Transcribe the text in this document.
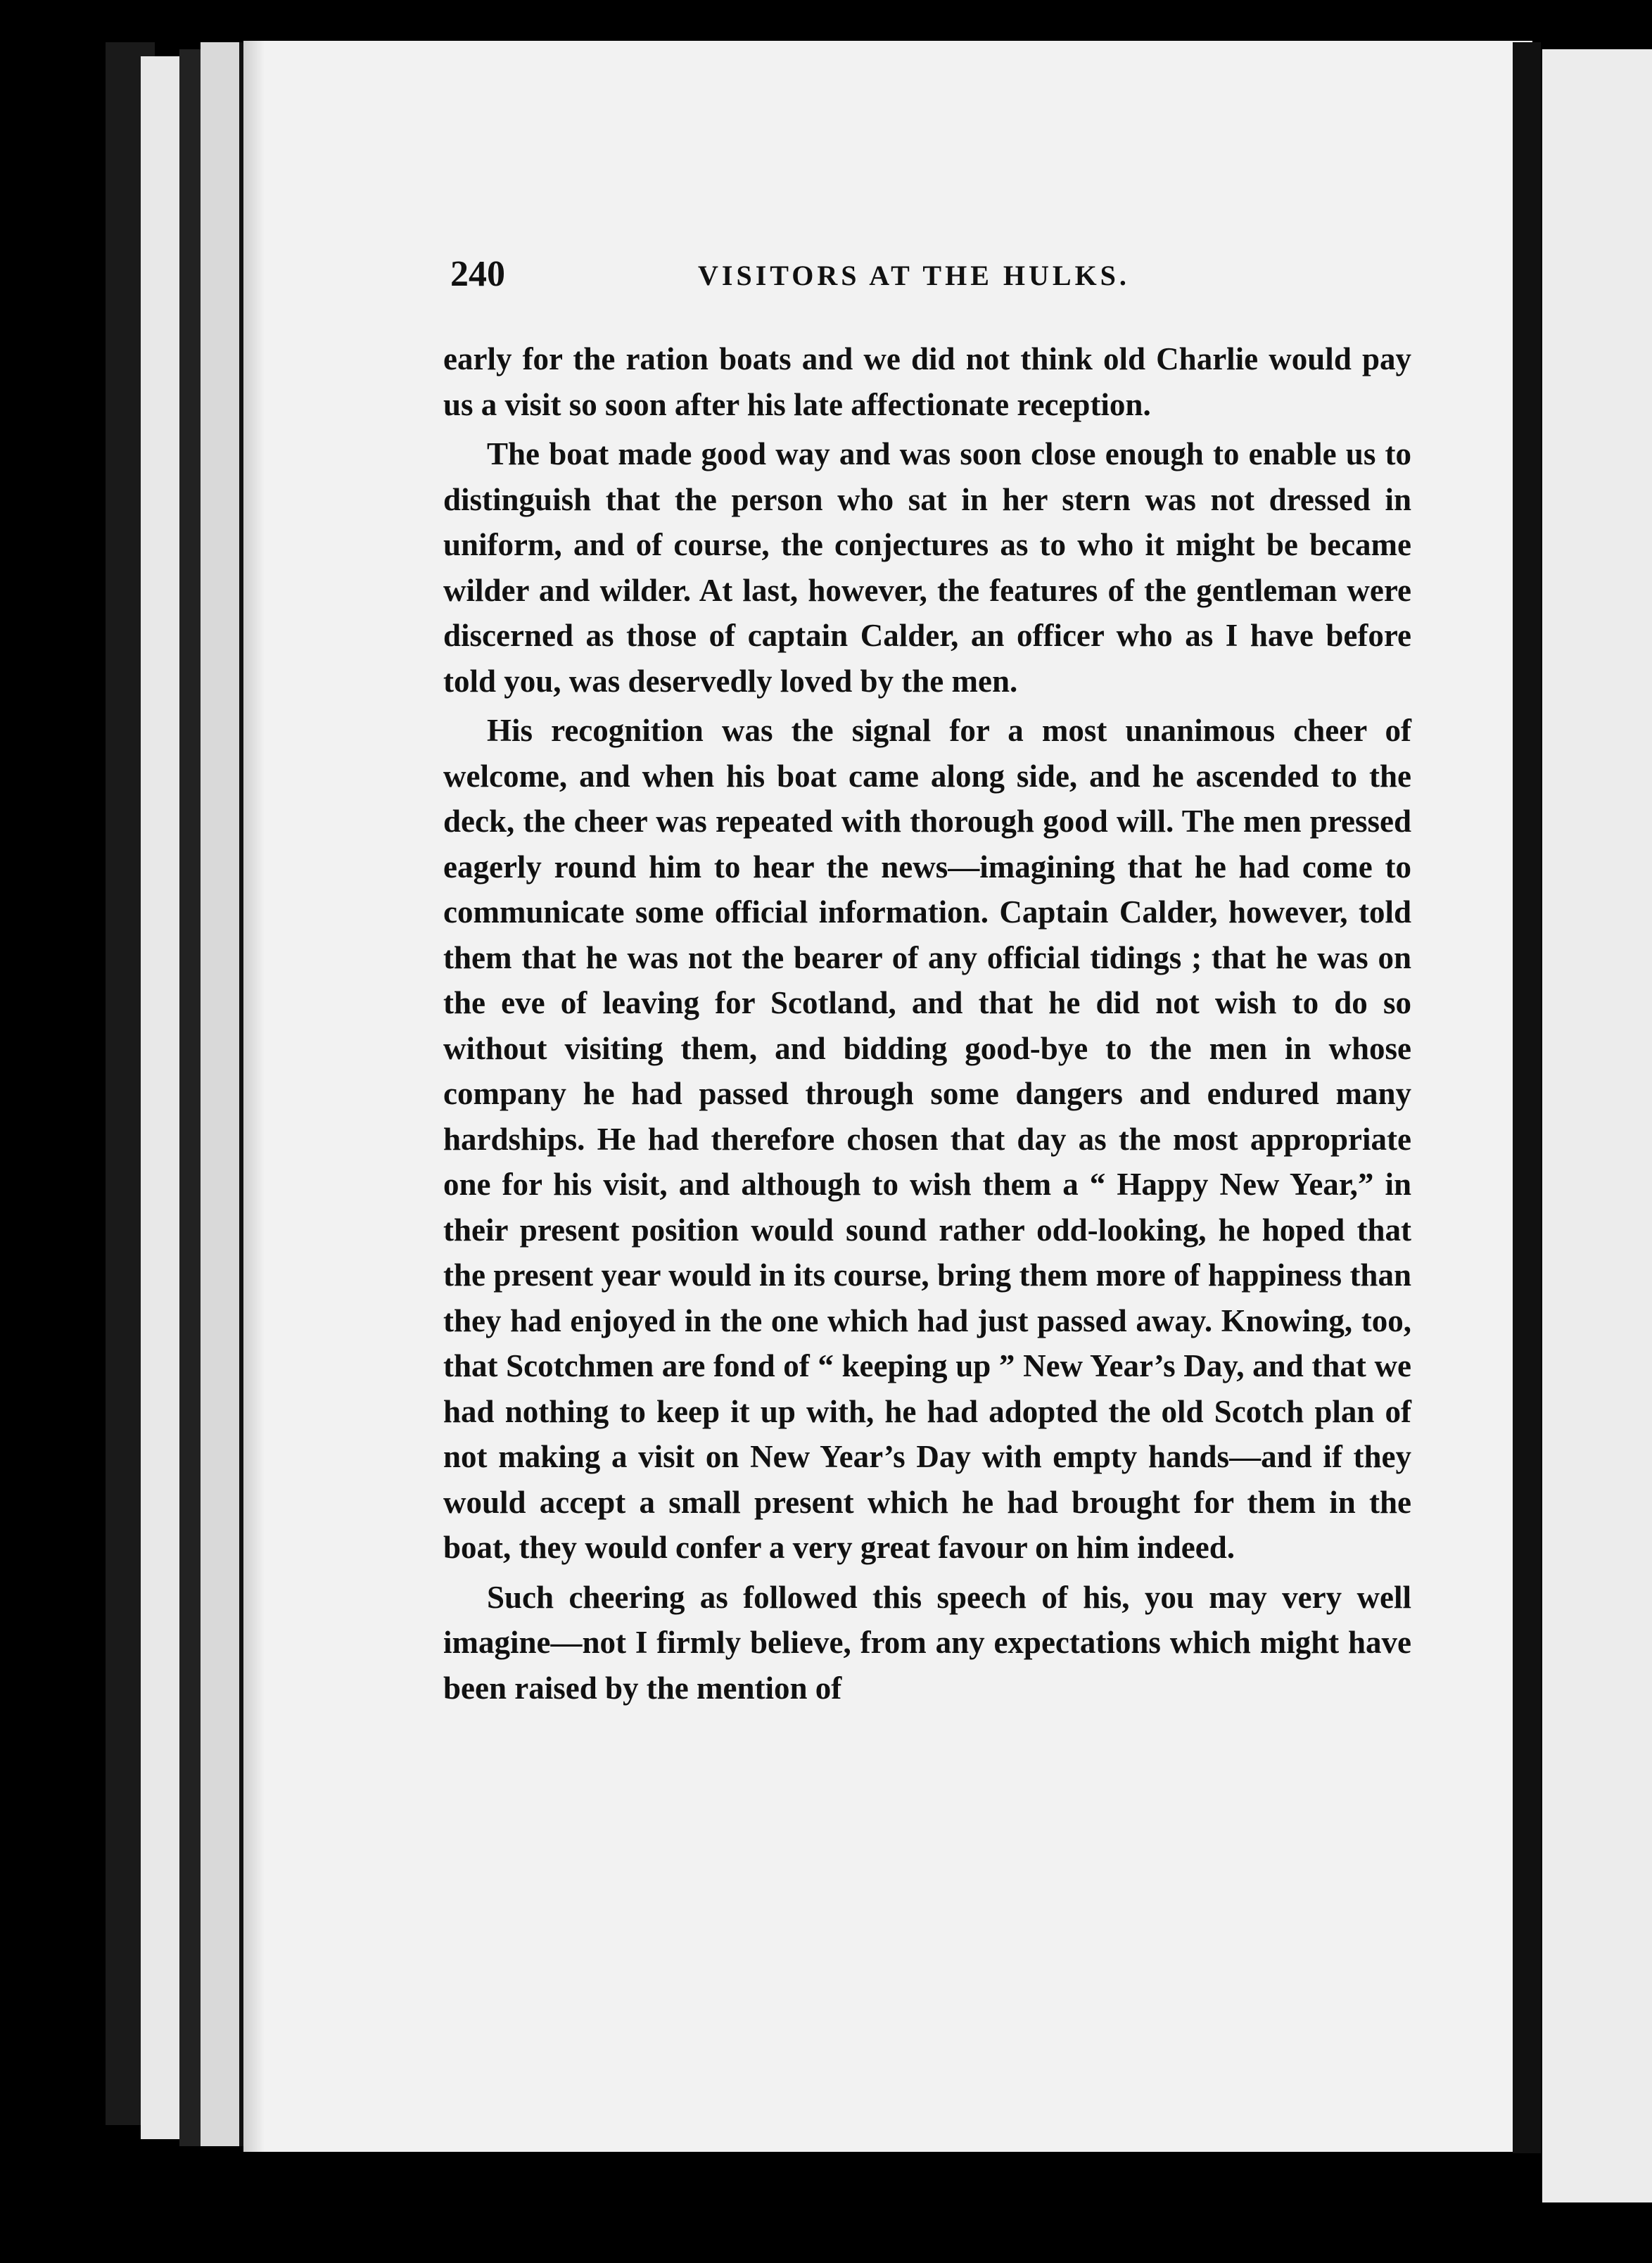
240	VISITORS AT THE HULKS.

early for the ration boats and we did not think old Charlie would pay us a visit so soon after his late affectionate reception.

The boat made good way and was soon close enough to enable us to distinguish that the person who sat in her stern was not dressed in uniform, and of course, the conjectures as to who it might be became wilder and wilder. At last, however, the features of the gentleman were discerned as those of captain Calder, an officer who as I have before told you, was deservedly loved by the men.

His recognition was the signal for a most unanimous cheer of welcome, and when his boat came along side, and he ascended to the deck, the cheer was repeated with thorough good will. The men pressed eagerly round him to hear the news—imagining that he had come to communicate some official information. Captain Calder, however, told them that he was not the bearer of any official tidings ; that he was on the eve of leaving for Scotland, and that he did not wish to do so without visiting them, and bidding good-bye to the men in whose company he had passed through some dangers and endured many hardships. He had therefore chosen that day as the most appropriate one for his visit, and although to wish them a “ Happy New Year,” in their present position would sound rather odd-looking, he hoped that the present year would in its course, bring them more of happiness than they had enjoyed in the one which had just passed away. Knowing, too, that Scotchmen are fond of “ keeping up ” New Year’s Day, and that we had nothing to keep it up with, he had adopted the old Scotch plan of not making a visit on New Year’s Day with empty hands—and if they would accept a small present which he had brought for them in the boat, they would confer a very great favour on him indeed.

Such cheering as followed this speech of his, you may very well imagine—not I firmly believe, from any expectations which might have been raised by the mention of
